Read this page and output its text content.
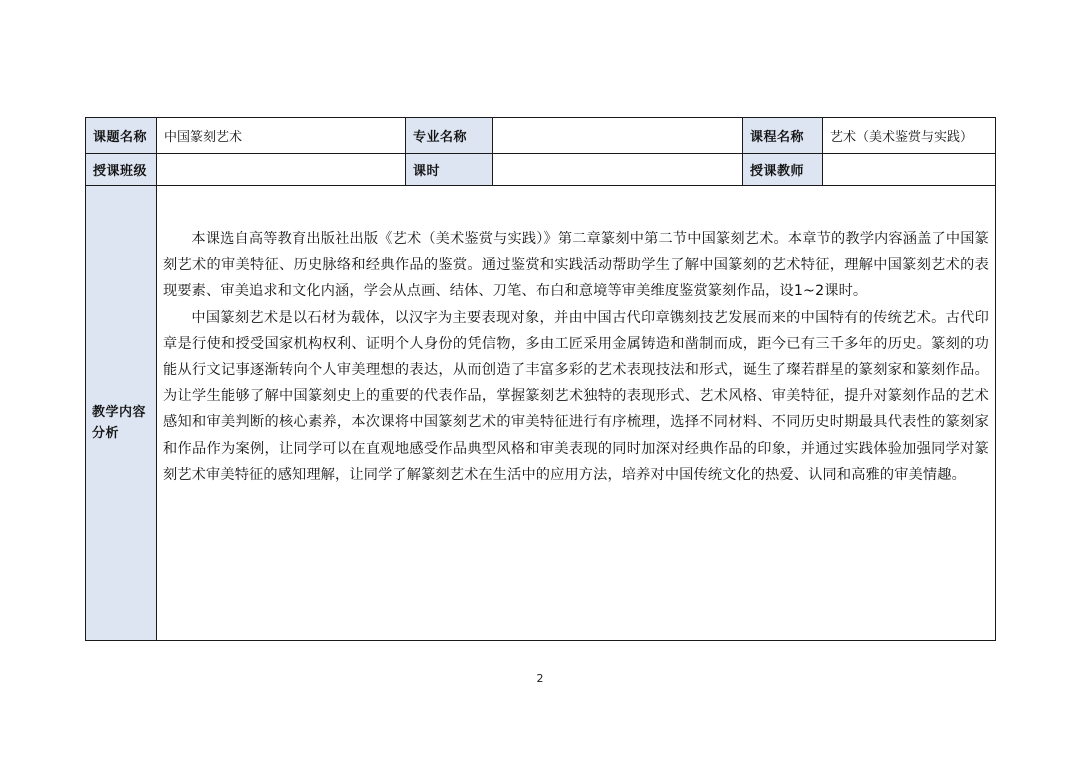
课题名称	中国篆刻艺术	专业名称		课程名称	艺术（美术鉴赏与实践）
授课班级		课时		授课教师	
教学内容分析	本课选自高等教育出版社出版《艺术（美术鉴赏与实践）》第二章篆刻中第二节中国篆刻艺术。本章节的教学内容涵盖了中国篆刻艺术的审美特征、历史脉络和经典作品的鉴赏。通过鉴赏和实践活动帮助学生了解中国篆刻的艺术特征，理解中国篆刻艺术的表现要素、审美追求和文化内涵，学会从点画、结体、刀笔、布白和意境等审美维度鉴赏篆刻作品，设1~2课时。

中国篆刻艺术是以石材为载体，以汉字为主要表现对象，并由中国古代印章镌刻技艺发展而来的中国特有的传统艺术。古代印章是行使和授受国家机构权利、证明个人身份的凭信物，多由工匠采用金属铸造和凿制而成，距今已有三千多年的历史。篆刻的功能从行文记事逐渐转向个人审美理想的表达，从而创造了丰富多彩的艺术表现技法和形式，诞生了璨若群星的篆刻家和篆刻作品。为让学生能够了解中国篆刻史上的重要的代表作品，掌握篆刻艺术独特的表现形式、艺术风格、审美特征，提升对篆刻作品的艺术感知和审美判断的核心素养，本次课将中国篆刻艺术的审美特征进行有序梳理，选择不同材料、不同历史时期最具代表性的篆刻家和作品作为案例，让同学可以在直观地感受作品典型风格和审美表现的同时加深对经典作品的印象，并通过实践体验加强同学对篆刻艺术审美特征的感知理解，让同学了解篆刻艺术在生活中的应用方法，培养对中国传统文化的热爱、认同和高雅的审美情趣。				

2
